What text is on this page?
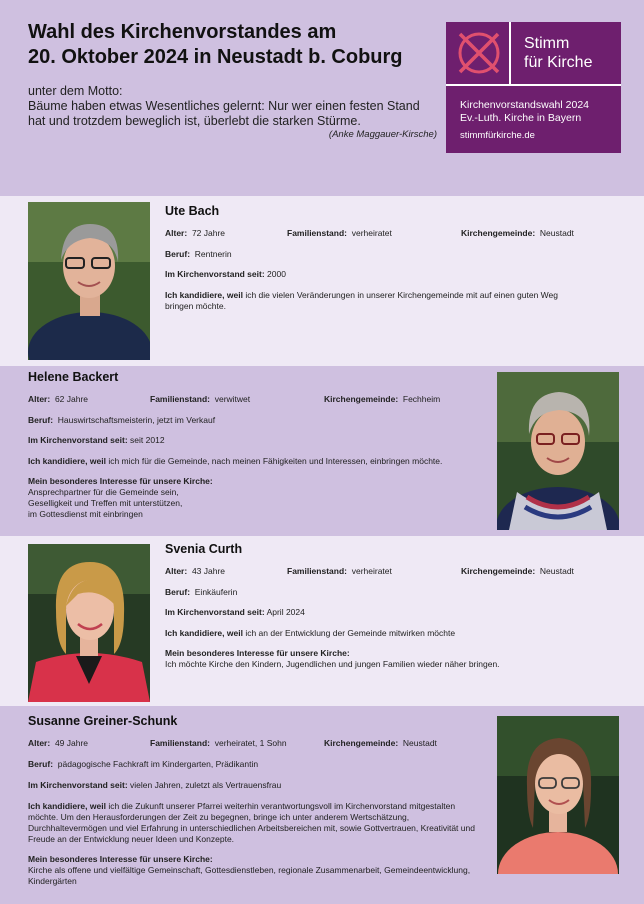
Wahl des Kirchenvorstandes am
20. Oktober 2024 in Neustadt b. Coburg
unter dem Motto:
Bäume haben etwas Wesentliches gelernt: Nur wer einen festen Stand hat und trotzdem beweglich ist, überlebt die starken Stürme.
(Anke Maggauer-Kirsche)
Stimm
für Kirche
Kirchenvorstandswahl 2024
Ev.-Luth. Kirche in Bayern
stimmfürkirche.de
Ute Bach
Alter: 72 Jahre	Familienstand: verheiratet	Kirchengemeinde: Neustadt
Beruf: Rentnerin
Im Kirchenvorstand seit: 2000
Ich kandidiere, weil ich die vielen Veränderungen in unserer Kirchengemeinde mit auf einen guten Weg
bringen möchte.
Helene Backert
Alter: 62 Jahre	Familienstand: verwitwet	Kirchengemeinde: Fechheim
Beruf: Hauswirtschaftsmeisterin, jetzt im Verkauf
Im Kirchenvorstand seit: seit 2012
Ich kandidiere, weil ich mich für die Gemeinde, nach meinen Fähigkeiten und Interessen, einbringen möchte.
Mein besonderes Interesse für unsere Kirche:
Ansprechpartner für die Gemeinde sein,
Geselligkeit und Treffen mit unterstützen,
im Gottesdienst mit einbringen
Svenia Curth
Alter: 43 Jahre	Familienstand: verheiratet	Kirchengemeinde: Neustadt
Beruf: Einkäuferin
Im Kirchenvorstand seit: April 2024
Ich kandidiere, weil ich an der Entwicklung der Gemeinde mitwirken möchte
Mein besonderes Interesse für unsere Kirche:
Ich möchte Kirche den Kindern, Jugendlichen und jungen Familien wieder näher bringen.
Susanne Greiner-Schunk
Alter: 49 Jahre	Familienstand: verheiratet, 1 Sohn	Kirchengemeinde: Neustadt
Beruf: pädagogische Fachkraft im Kindergarten, Prädikantin
Im Kirchenvorstand seit: vielen Jahren, zuletzt als Vertrauensfrau
Ich kandidiere, weil ich die Zukunft unserer Pfarrei weiterhin verantwortungsvoll im Kirchenvorstand mitgestalten
möchte. Um den Herausforderungen der Zeit zu begegnen, bringe ich unter anderem Wertschätzung,
Durchhaltevermögen und viel Erfahrung in unterschiedlichen Arbeitsbereichen mit, sowie Gottvertrauen, Kreativität und
Freude an der Entwicklung neuer Ideen und Konzepte.
Mein besonderes Interesse für unsere Kirche:
Kirche als offene und vielfältige Gemeinschaft, Gottesdienstleben, regionale Zusammenarbeit, Gemeindeentwicklung,
Kindergärten
